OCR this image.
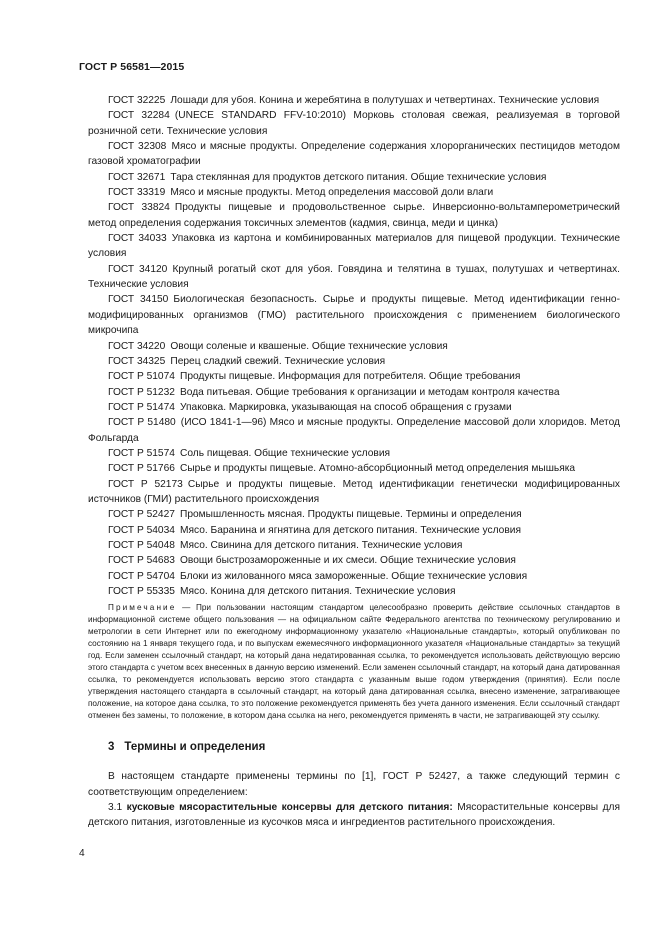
ГОСТ Р 56581—2015

ГОСТ 32225  Лошади для убоя. Конина и жеребятина в полутушах и четвертинах. Технические условия

ГОСТ 32284  (UNECE STANDARD FFV-10:2010) Морковь столовая свежая, реализуемая в торговой розничной сети. Технические условия

ГОСТ 32308  Мясо и мясные продукты. Определение содержания хлорорганических пестицидов методом газовой хроматографии

ГОСТ 32671  Тара стеклянная для продуктов детского питания. Общие технические условия

ГОСТ 33319  Мясо и мясные продукты. Метод определения массовой доли влаги

ГОСТ 33824  Продукты пищевые и продовольственное сырье. Инверсионно-вольтамперометрический метод определения содержания токсичных элементов (кадмия, свинца, меди и цинка)

ГОСТ 34033  Упаковка из картона и комбинированных материалов для пищевой продукции. Технические условия

ГОСТ 34120  Крупный рогатый скот для убоя. Говядина и телятина в тушах, полутушах и четвертинах. Технические условия

ГОСТ 34150  Биологическая безопасность. Сырье и продукты пищевые. Метод идентификации генно-модифицированных организмов (ГМО) растительного происхождения с применением биологического микрочипа

ГОСТ 34220  Овощи соленые и квашеные. Общие технические условия

ГОСТ 34325  Перец сладкий свежий. Технические условия

ГОСТ Р 51074  Продукты пищевые. Информация для потребителя. Общие требования

ГОСТ Р 51232  Вода питьевая. Общие требования к организации и методам контроля качества

ГОСТ Р 51474  Упаковка. Маркировка, указывающая на способ обращения с грузами

ГОСТ Р 51480  (ИСО 1841-1—96) Мясо и мясные продукты. Определение массовой доли хлоридов. Метод Фольгарда

ГОСТ Р 51574  Соль пищевая. Общие технические условия

ГОСТ Р 51766  Сырье и продукты пищевые. Атомно-абсорбционный метод определения мышьяка

ГОСТ Р 52173  Сырье и продукты пищевые. Метод идентификации генетически модифицированных источников (ГМИ) растительного происхождения

ГОСТ Р 52427  Промышленность мясная. Продукты пищевые. Термины и определения

ГОСТ Р 54034  Мясо. Баранина и ягнятина для детского питания. Технические условия

ГОСТ Р 54048  Мясо. Свинина для детского питания. Технические условия

ГОСТ Р 54683  Овощи быстрозамороженные и их смеси. Общие технические условия

ГОСТ Р 54704  Блоки из жилованного мяса замороженные. Общие технические условия

ГОСТ Р 55335  Мясо. Конина для детского питания. Технические условия

Примечание — При пользовании настоящим стандартом целесообразно проверить действие ссылочных стандартов в информационной системе общего пользования — на официальном сайте Федерального агентства по техническому регулированию и метрологии в сети Интернет или по ежегодному информационному указателю «Национальные стандарты», который опубликован по состоянию на 1 января текущего года, и по выпускам ежемесячного информационного указателя «Национальные стандарты» за текущий год. Если заменен ссылочный стандарт, на который дана недатированная ссылка, то рекомендуется использовать действующую версию этого стандарта с учетом всех внесенных в данную версию изменений. Если заменен ссылочный стандарт, на который дана датированная ссылка, то рекомендуется использовать версию этого стандарта с указанным выше годом утверждения (принятия). Если после утверждения настоящего стандарта в ссылочный стандарт, на который дана датированная ссылка, внесено изменение, затрагивающее положение, на которое дана ссылка, то это положение рекомендуется применять без учета данного изменения. Если ссылочный стандарт отменен без замены, то положение, в котором дана ссылка на него, рекомендуется применять в части, не затрагивающей эту ссылку.

3 Термины и определения

В настоящем стандарте применены термины по [1], ГОСТ Р 52427, а также следующий термин с соответствующим определением:

3.1 кусковые мясорастительные консервы для детского питания: Мясорастительные консервы для детского питания, изготовленные из кусочков мяса и ингредиентов растительного происхождения.

4
